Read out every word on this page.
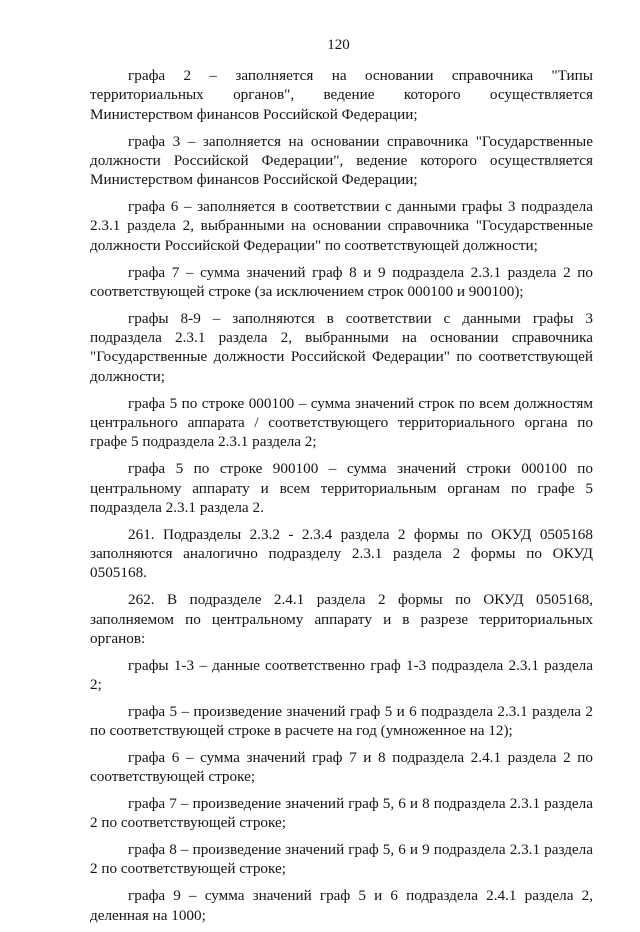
120

графа 2 – заполняется на основании справочника "Типы территориальных органов", ведение которого осуществляется Министерством финансов Российской Федерации;

графа 3 – заполняется на основании справочника "Государственные должности Российской Федерации", ведение которого осуществляется Министерством финансов Российской Федерации;

графа 6 – заполняется в соответствии с данными графы 3 подраздела 2.3.1 раздела 2, выбранными на основании справочника "Государственные должности Российской Федерации" по соответствующей должности;

графа 7 – сумма значений граф 8 и 9 подраздела 2.3.1 раздела 2 по соответствующей строке (за исключением строк 000100 и 900100);

графы 8-9 – заполняются в соответствии с данными графы 3 подраздела 2.3.1 раздела 2, выбранными на основании справочника "Государственные должности Российской Федерации" по соответствующей должности;

графа 5 по строке 000100 – сумма значений строк по всем должностям центрального аппарата / соответствующего территориального органа по графе 5 подраздела 2.3.1 раздела 2;

графа 5 по строке 900100 – сумма значений строки 000100 по центральному аппарату и всем территориальным органам по графе 5 подраздела 2.3.1 раздела 2.

261. Подразделы 2.3.2 - 2.3.4 раздела 2 формы по ОКУД 0505168 заполняются аналогично подразделу 2.3.1 раздела 2 формы по ОКУД 0505168.

262. В подразделе 2.4.1 раздела 2 формы по ОКУД 0505168, заполняемом по центральному аппарату и в разрезе территориальных органов:

графы 1-3 – данные соответственно граф 1-3 подраздела 2.3.1 раздела 2;

графа 5 – произведение значений граф 5 и 6 подраздела 2.3.1 раздела 2 по соответствующей строке в расчете на год (умноженное на 12);

графа 6 – сумма значений граф 7 и 8 подраздела 2.4.1 раздела 2 по соответствующей строке;

графа 7 – произведение значений граф 5, 6 и 8 подраздела 2.3.1 раздела 2 по соответствующей строке;

графа 8 – произведение значений граф 5, 6 и 9 подраздела 2.3.1 раздела 2 по соответствующей строке;

графа 9 – сумма значений граф 5 и 6 подраздела 2.4.1 раздела 2, деленная на 1000;
